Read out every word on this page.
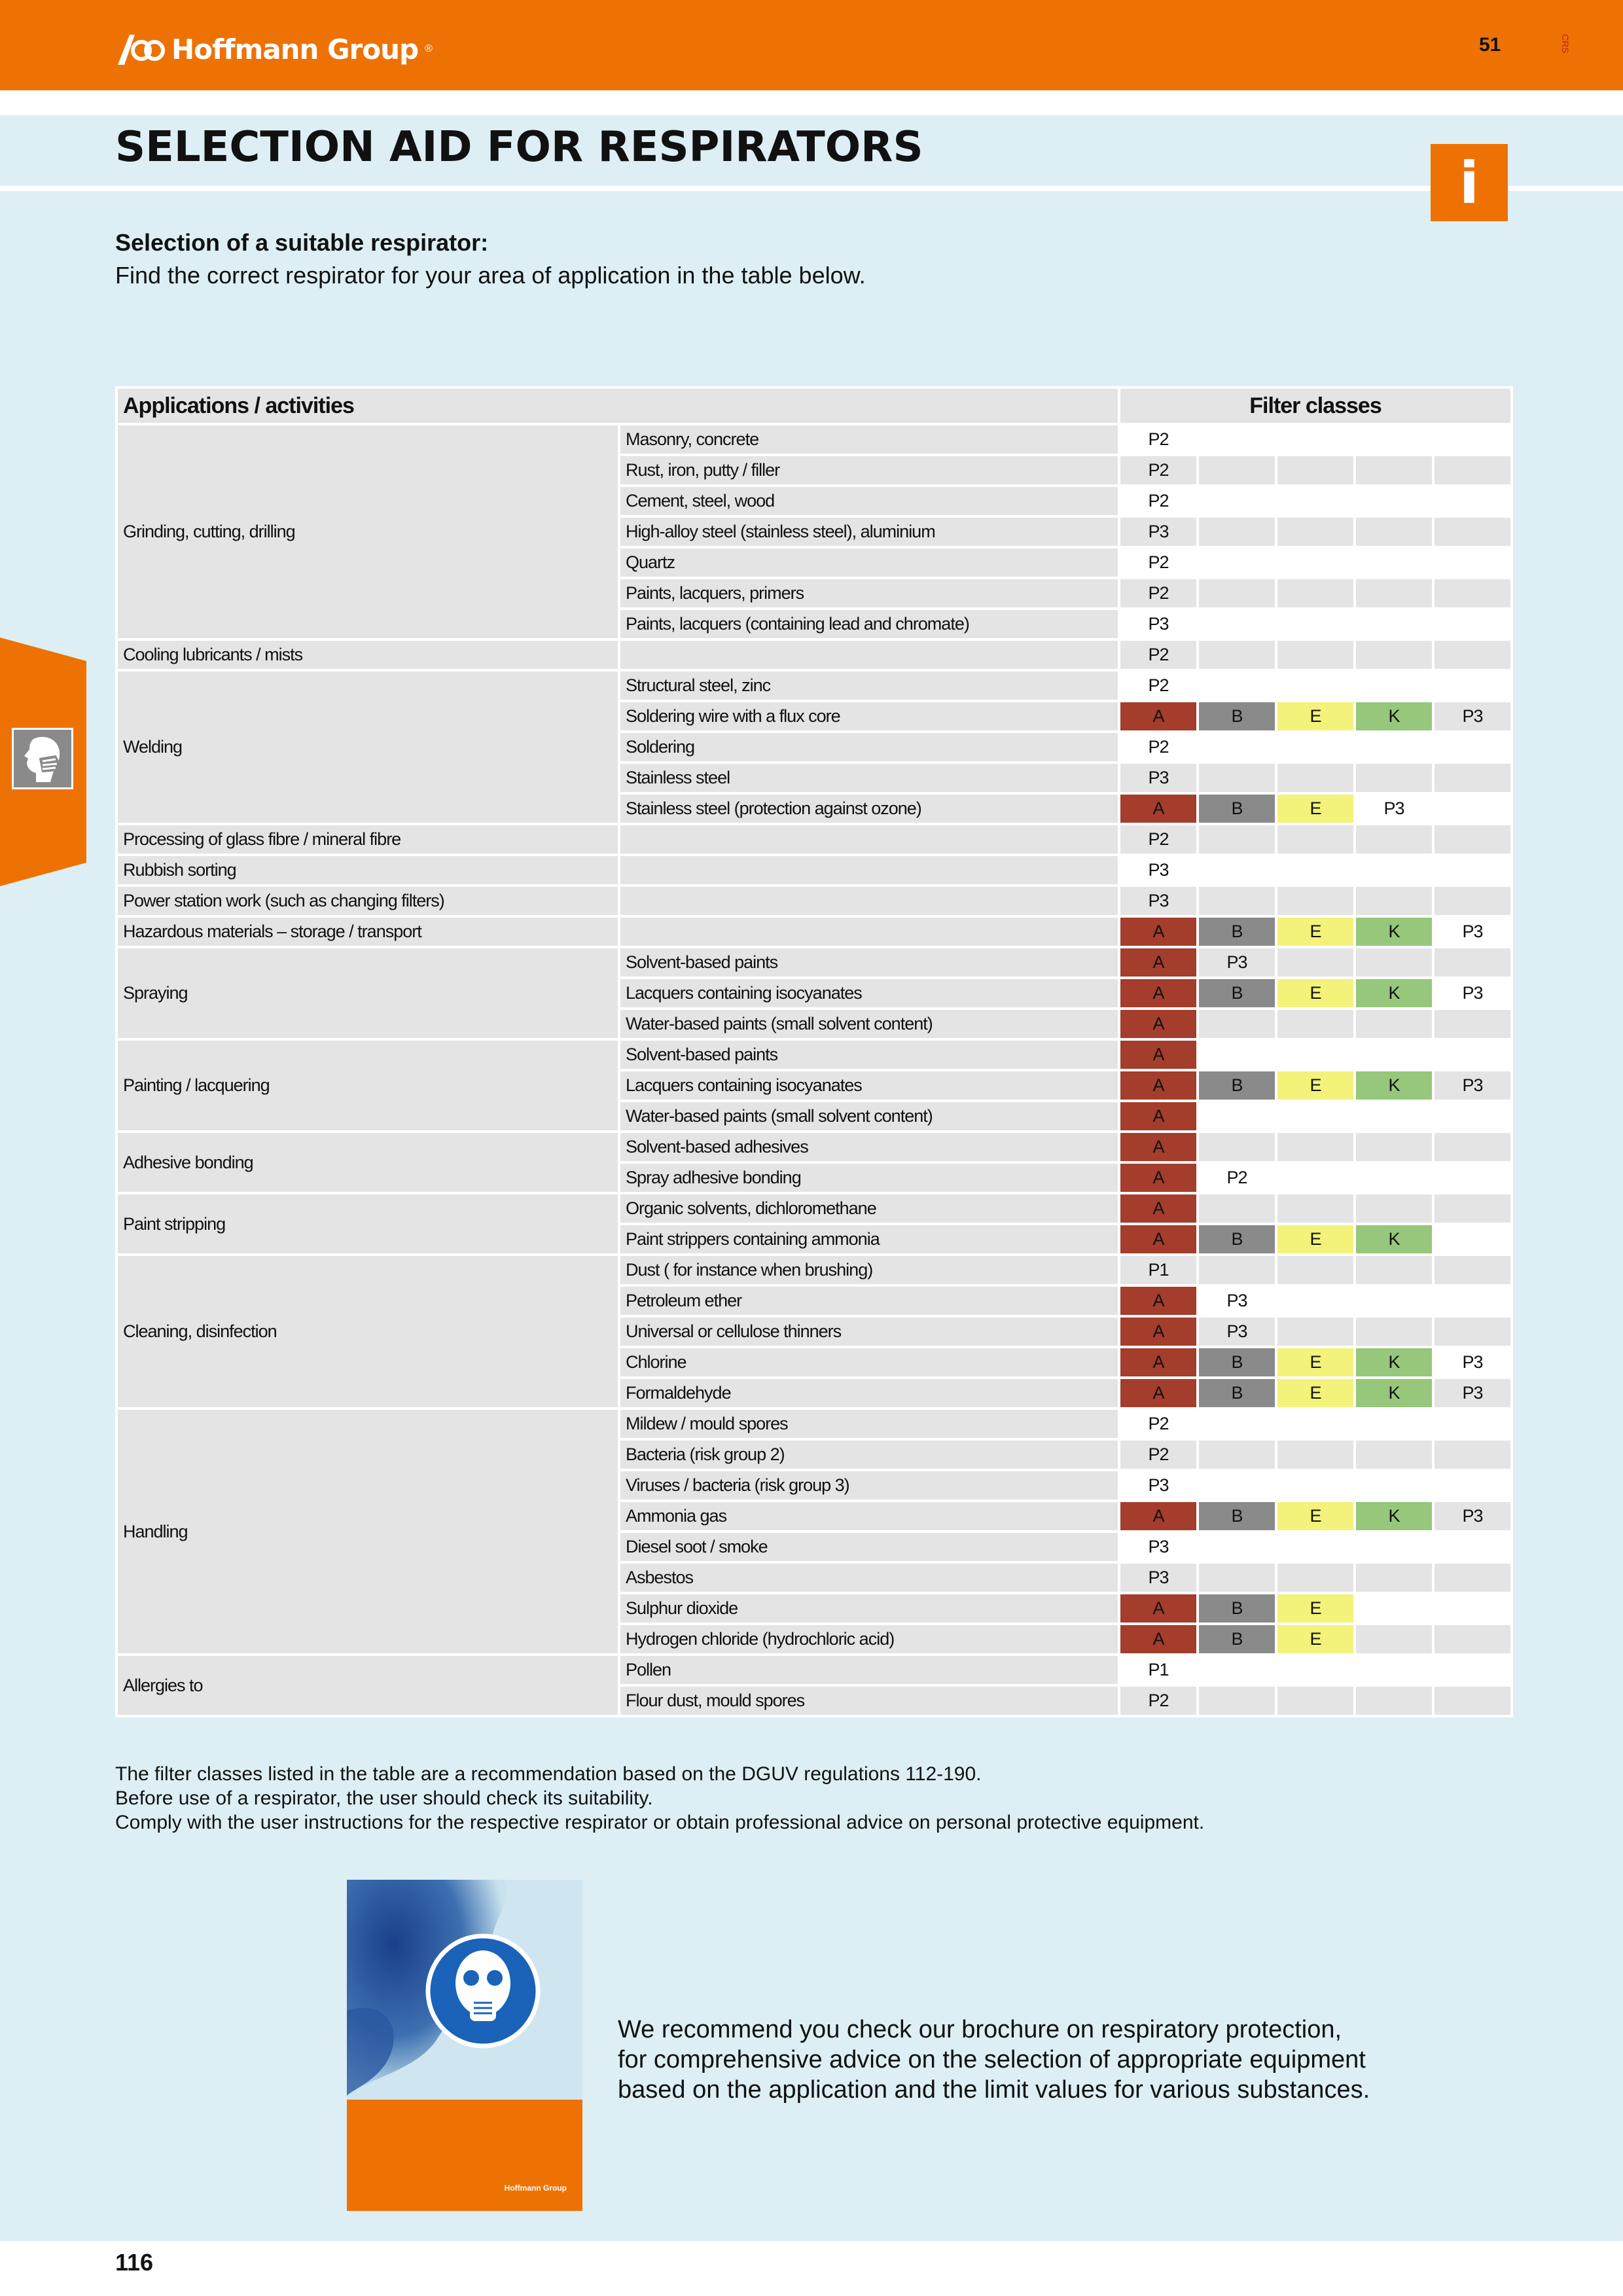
Hoffmann Group ®	51	CRS
SELECTION AID FOR RESPIRATORS
i
Selection of a suitable respirator:
Find the correct respirator for your area of application in the table below.
Applications / activities		Filter classes				
Grinding, cutting, drilling	Masonry, concrete	P2				
	Rust, iron, putty / filler	P2				
	Cement, steel, wood	P2				
	High-alloy steel (stainless steel), aluminium	P3				
	Quartz	P2				
	Paints, lacquers, primers	P2				
	Paints, lacquers (containing lead and chromate)	P3				
Cooling lubricants / mists		P2				
Welding	Structural steel, zinc	P2				
	Soldering wire with a flux core	A	B	E	K	P3
	Soldering	P2				
	Stainless steel	P3				
	Stainless steel (protection against ozone)	A	B	E	P3	
Processing of glass fibre / mineral fibre		P2				
Rubbish sorting		P3				
Power station work (such as changing filters)		P3				
Hazardous materials – storage / transport		A	B	E	K	P3
Spraying	Solvent-based paints	A	P3			
	Lacquers containing isocyanates	A	B	E	K	P3
	Water-based paints (small solvent content)	A				
Painting / lacquering	Solvent-based paints	A				
	Lacquers containing isocyanates	A	B	E	K	P3
	Water-based paints (small solvent content)	A				
Adhesive bonding	Solvent-based adhesives	A				
	Spray adhesive bonding	A	P2			
Paint stripping	Organic solvents, dichloromethane	A				
	Paint strippers containing ammonia	A	B	E	K	
Cleaning, disinfection	Dust ( for instance when brushing)	P1				
	Petroleum ether	A	P3			
	Universal or cellulose thinners	A	P3			
	Chlorine	A	B	E	K	P3
	Formaldehyde	A	B	E	K	P3
Handling	Mildew / mould spores	P2				
	Bacteria (risk group 2)	P2				
	Viruses / bacteria (risk group 3)	P3				
	Ammonia gas	A	B	E	K	P3
	Diesel soot / smoke	P3				
	Asbestos	P3				
	Sulphur dioxide	A	B	E		
	Hydrogen chloride (hydrochloric acid)	A	B	E		
Allergies to	Pollen	P1				
	Flour dust, mould spores	P2				
The filter classes listed in the table are a recommendation based on the DGUV regulations 112-190.
Before use of a respirator, the user should check its suitability.
Comply with the user instructions for the respective respirator or obtain professional advice on personal protective equipment.
Hoffmann Group
We recommend you check our brochure on respiratory protection,
for comprehensive advice on the selection of appropriate equipment
based on the application and the limit values for various substances.
116
